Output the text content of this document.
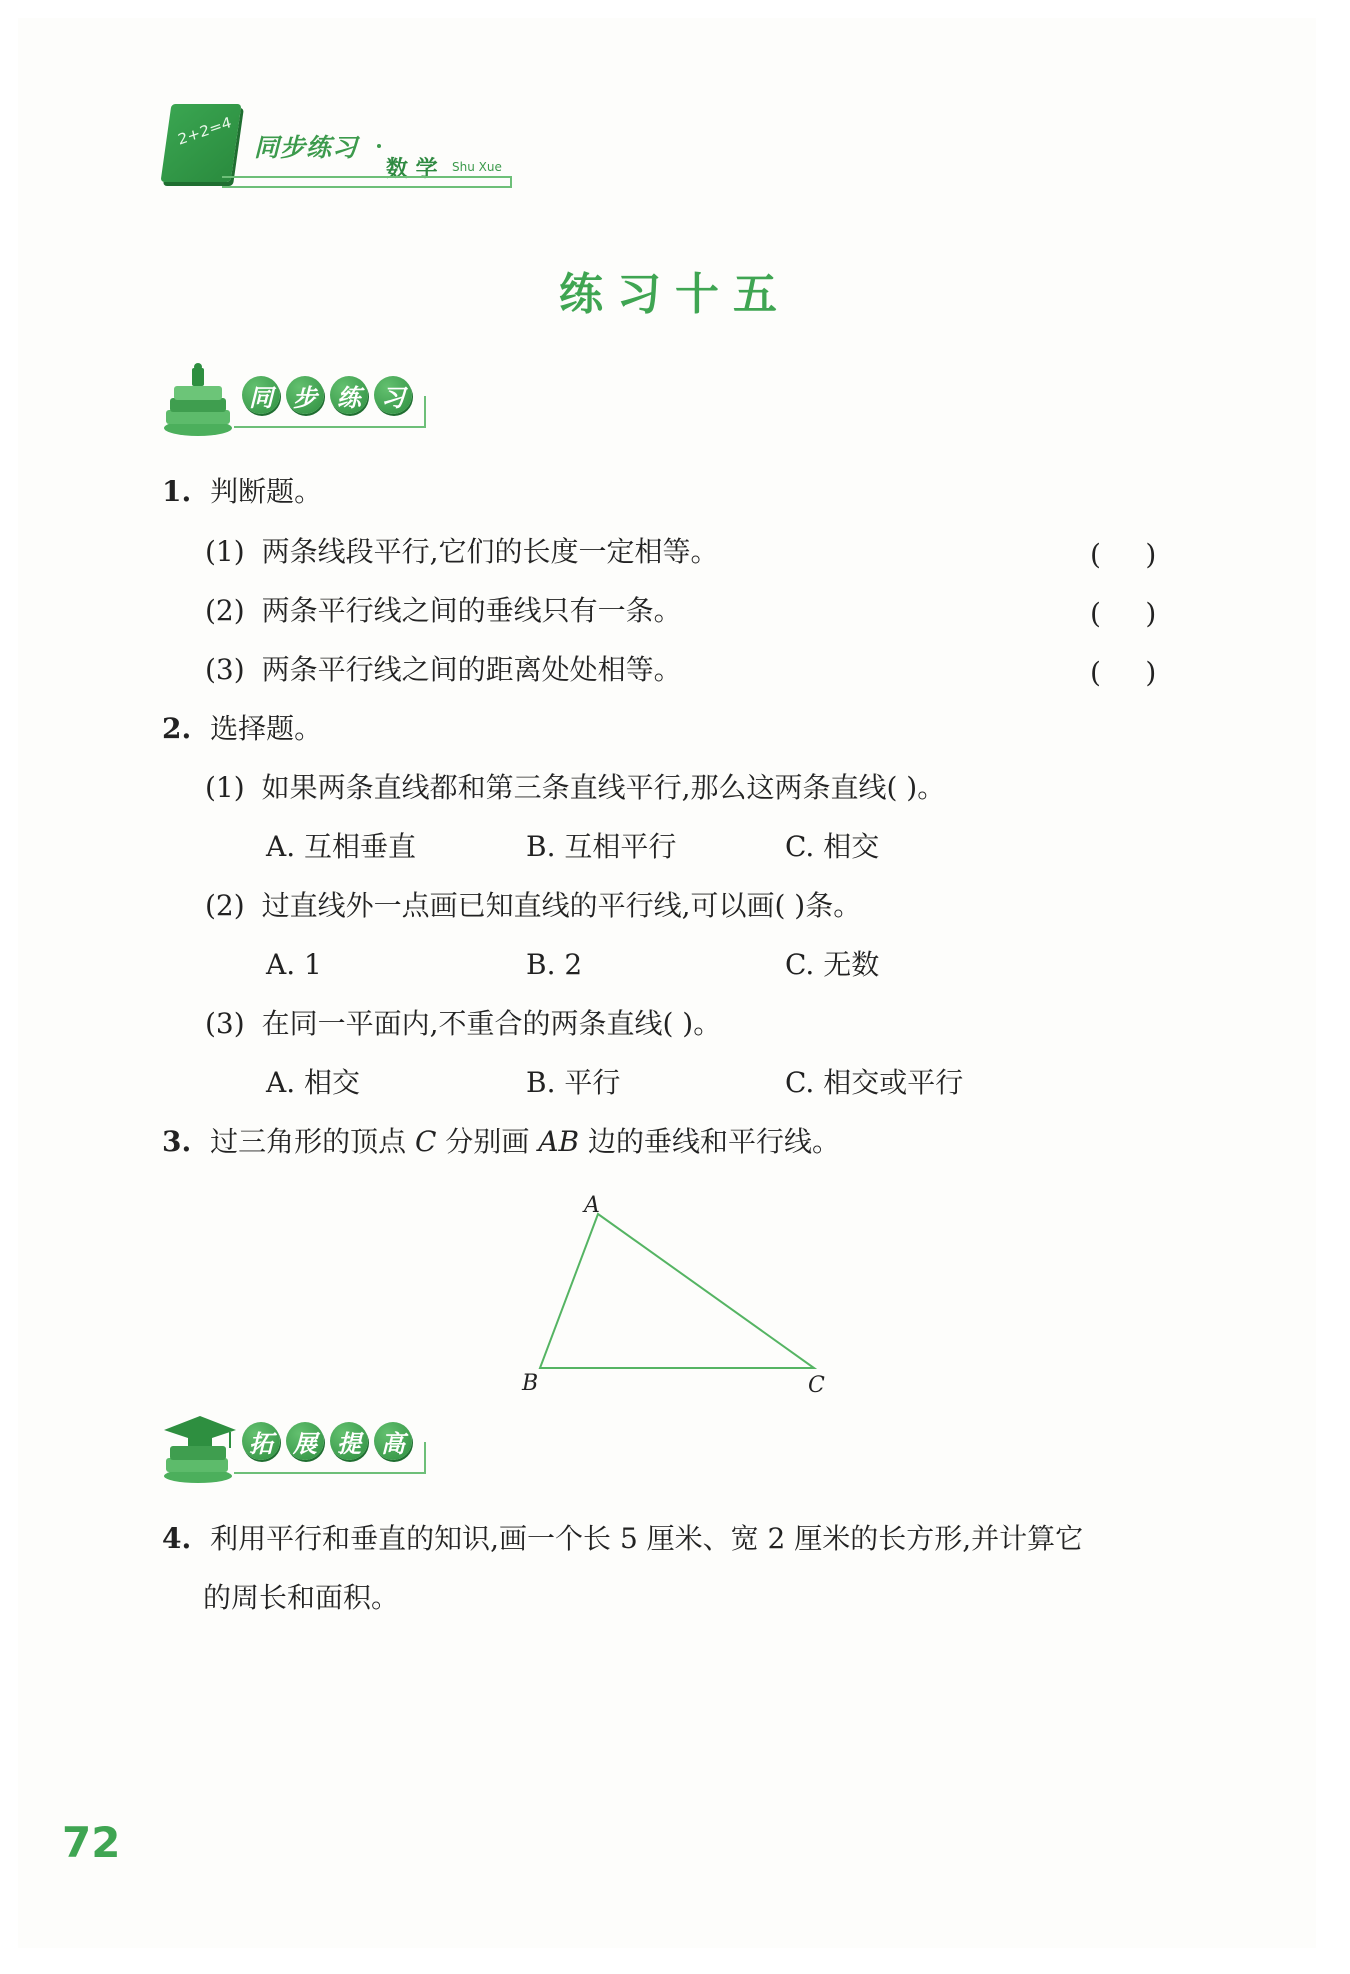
2+2=4 同步练习
数 学 Shu Xue
练习十五
同 步 练 习
1. 判断题。
(1) 两条线段平行,它们的长度一定相等。	(     )
(2) 两条平行线之间的垂线只有一条。	(     )
(3) 两条平行线之间的距离处处相等。	(     )
2. 选择题。
(1) 如果两条直线都和第三条直线平行,那么这两条直线( )。
A. 互相垂直	B. 互相平行	C. 相交
(2) 过直线外一点画已知直线的平行线,可以画( )条。
A. 1	B. 2	C. 无数
(3) 在同一平面内,不重合的两条直线( )。
A. 相交	B. 平行	C. 相交或平行
3. 过三角形的顶点 C 分别画 AB 边的垂线和平行线。
A
B	C
拓 展 提 高
4. 利用平行和垂直的知识,画一个长 5 厘米、宽 2 厘米的长方形,并计算它
的周长和面积。
72
